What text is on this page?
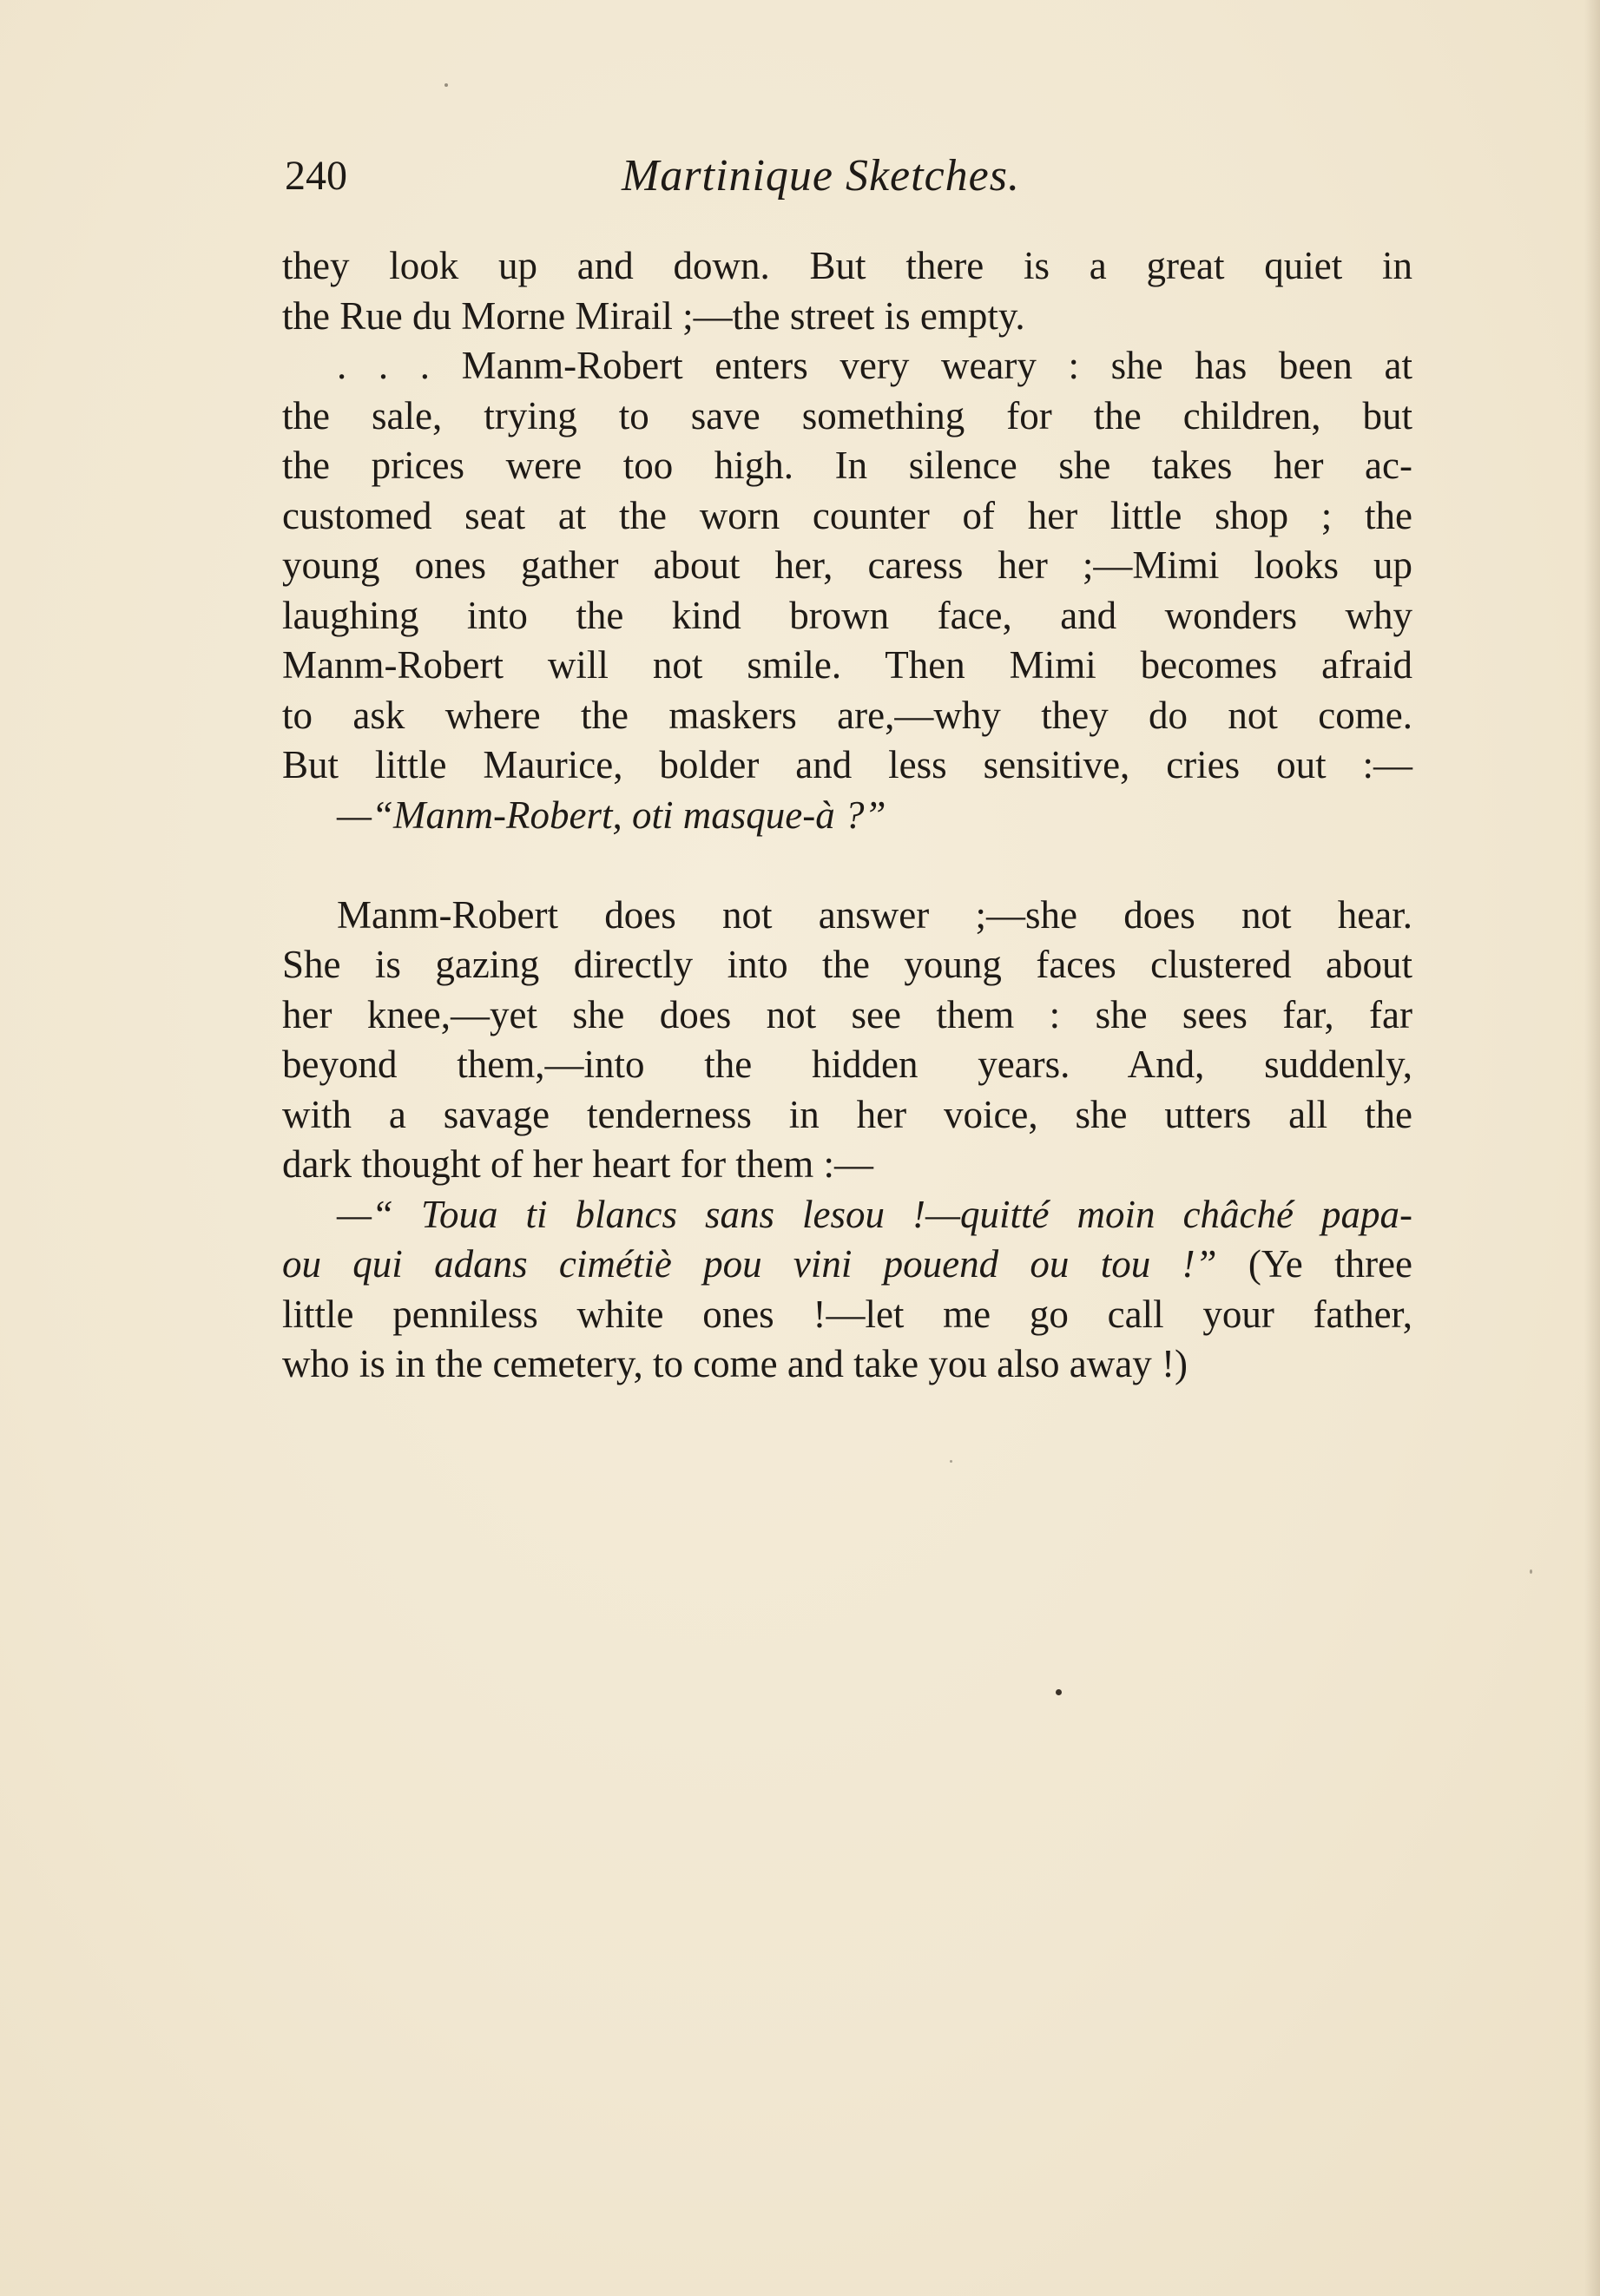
240	Martinique Sketches.
they look up and down. But there is a great quiet in
the Rue du Morne Mirail ;—the street is empty.
. . . Manm-Robert enters very weary : she has been at
the sale, trying to save something for the children, but
the prices were too high. In silence she takes her ac-
customed seat at the worn counter of her little shop ; the
young ones gather about her, caress her ;—Mimi looks up
laughing into the kind brown face, and wonders why
Manm-Robert will not smile. Then Mimi becomes afraid
to ask where the maskers are,—why they do not come.
But little Maurice, bolder and less sensitive, cries out :—
—“Manm-Robert, oti masque-à ?”
Manm-Robert does not answer ;—she does not hear.
She is gazing directly into the young faces clustered about
her knee,—yet she does not see them : she sees far, far
beyond them,—into the hidden years. And, suddenly,
with a savage tenderness in her voice, she utters all the
dark thought of her heart for them :—
—“ Toua ti blancs sans lesou !—quitté moin châché papa-
ou qui adans cimétiè pou vini pouend ou tou !” (Ye three
little penniless white ones !—let me go call your father,
who is in the cemetery, to come and take you also away !)
